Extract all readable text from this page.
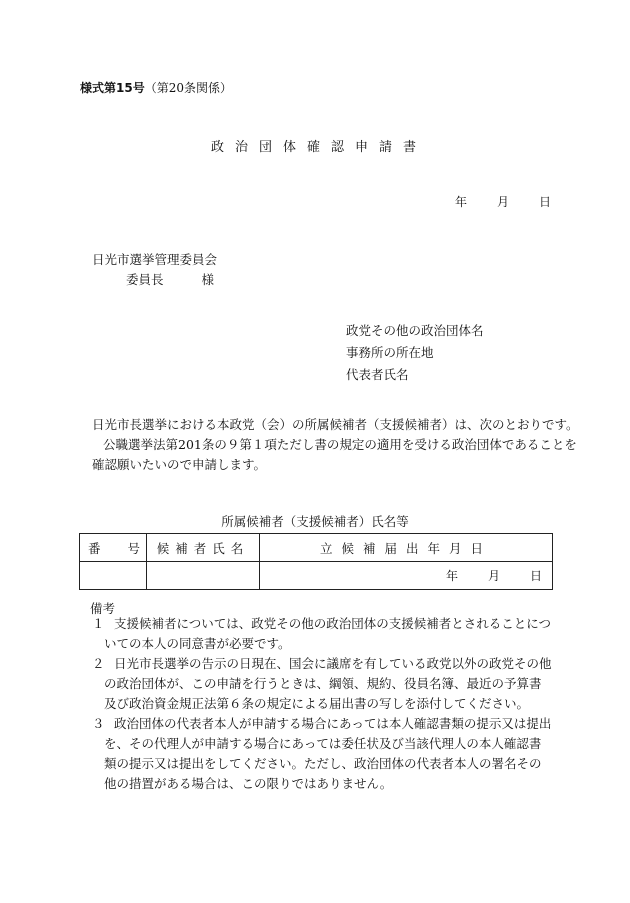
様式第15号（第20条関係）
政治団体確認申請書
年	月	日
日光市選挙管理委員会
委員長	様
政党その他の政治団体名
事務所の所在地
代表者氏名
日光市長選挙における本政党（会）の所属候補者（支援候補者）は、次のとおりです。
公職選挙法第201条の９第１項ただし書の規定の適用を受ける政治団体であることを
確認願いたいので申請します。
所属候補者（支援候補者）氏名等
番 号	候補者氏名	立候補届出年月日
		年 月 日
備考
１ 支援候補者については、政党その他の政治団体の支援候補者とされることについての本人の同意書が必要です。
２ 日光市長選挙の告示の日現在、国会に議席を有している政党以外の政党その他の政治団体が、この申請を行うときは、綱領、規約、役員名簿、最近の予算書及び政治資金規正法第６条の規定による届出書の写しを添付してください。
３ 政治団体の代表者本人が申請する場合にあっては本人確認書類の提示又は提出を、その代理人が申請する場合にあっては委任状及び当該代理人の本人確認書類の提示又は提出をしてください。ただし、政治団体の代表者本人の署名その他の措置がある場合は、この限りではありません。
